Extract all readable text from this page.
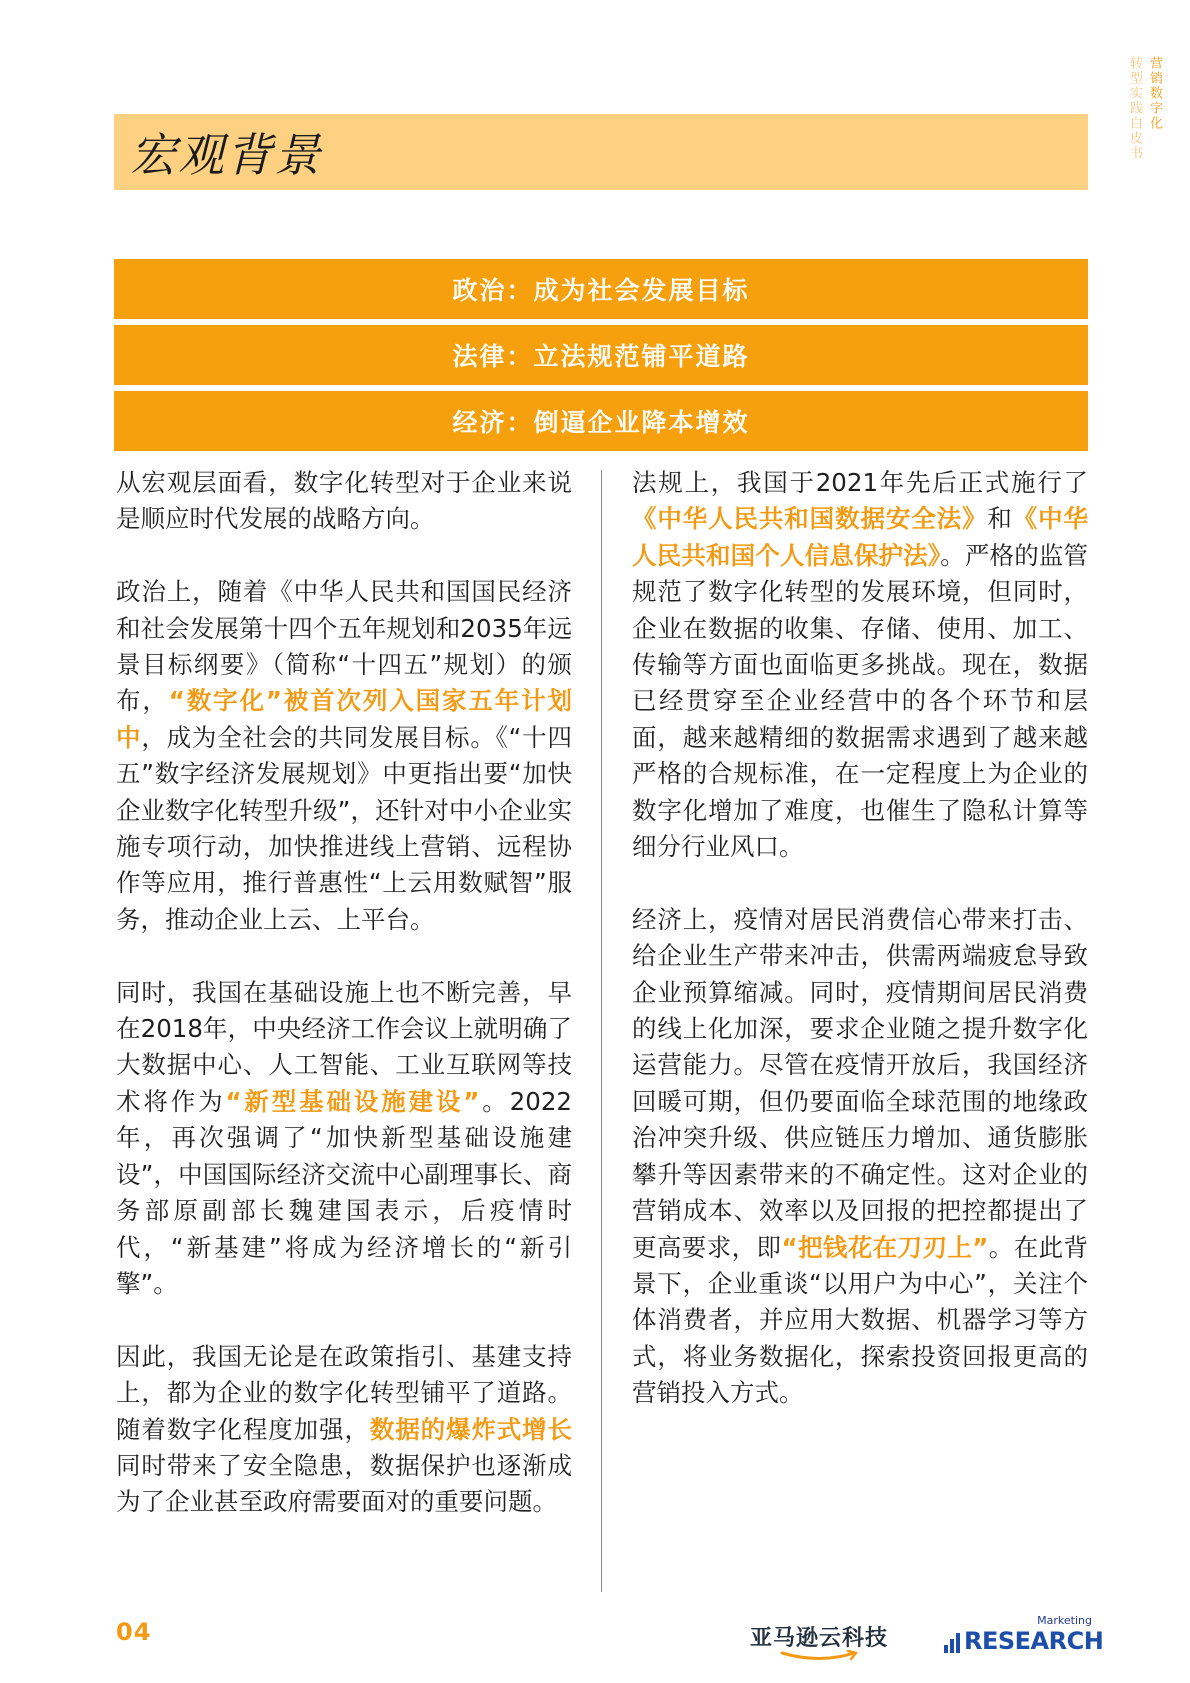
营销数字化
转型实践白皮书
宏观背景
政治：成为社会发展目标
法律：立法规范铺平道路
经济：倒逼企业降本增效

从宏观层面看，数字化转型对于企业来说是顺应时代发展的战略方向。

政治上，随着《中华人民共和国国民经济和社会发展第十四个五年规划和2035年远景目标纲要》（简称“十四五”规划）的颁布，“数字化”被首次列入国家五年计划中，成为全社会的共同发展目标。《“十四五”数字经济发展规划》中更指出要“加快企业数字化转型升级”，还针对中小企业实施专项行动，加快推进线上营销、远程协作等应用，推行普惠性“上云用数赋智”服务，推动企业上云、上平台。

同时，我国在基础设施上也不断完善，早在2018年，中央经济工作会议上就明确了大数据中心、人工智能、工业互联网等技术将作为“新型基础设施建设”。2022年，再次强调了“加快新型基础设施建设”，中国国际经济交流中心副理事长、商务部原副部长魏建国表示，后疫情时代，“新基建”将成为经济增长的“新引擎”。

因此，我国无论是在政策指引、基建支持上，都为企业的数字化转型铺平了道路。随着数字化程度加强，数据的爆炸式增长同时带来了安全隐患，数据保护也逐渐成为了企业甚至政府需要面对的重要问题。

法规上，我国于2021年先后正式施行了《中华人民共和国数据安全法》和《中华人民共和国个人信息保护法》。严格的监管规范了数字化转型的发展环境，但同时，企业在数据的收集、存储、使用、加工、传输等方面也面临更多挑战。现在，数据已经贯穿至企业经营中的各个环节和层面，越来越精细的数据需求遇到了越来越严格的合规标准，在一定程度上为企业的数字化增加了难度，也催生了隐私计算等细分行业风口。

经济上，疫情对居民消费信心带来打击、给企业生产带来冲击，供需两端疲怠导致企业预算缩减。同时，疫情期间居民消费的线上化加深，要求企业随之提升数字化运营能力。尽管在疫情开放后，我国经济回暖可期，但仍要面临全球范围的地缘政治冲突升级、供应链压力增加、通货膨胀攀升等因素带来的不确定性。这对企业的营销成本、效率以及回报的把控都提出了更高要求，即“把钱花在刀刃上”。在此背景下，企业重谈“以用户为中心”，关注个体消费者，并应用大数据、机器学习等方式，将业务数据化，探索投资回报更高的营销投入方式。

04	亚马逊云科技
Marketing
RESEARCH
